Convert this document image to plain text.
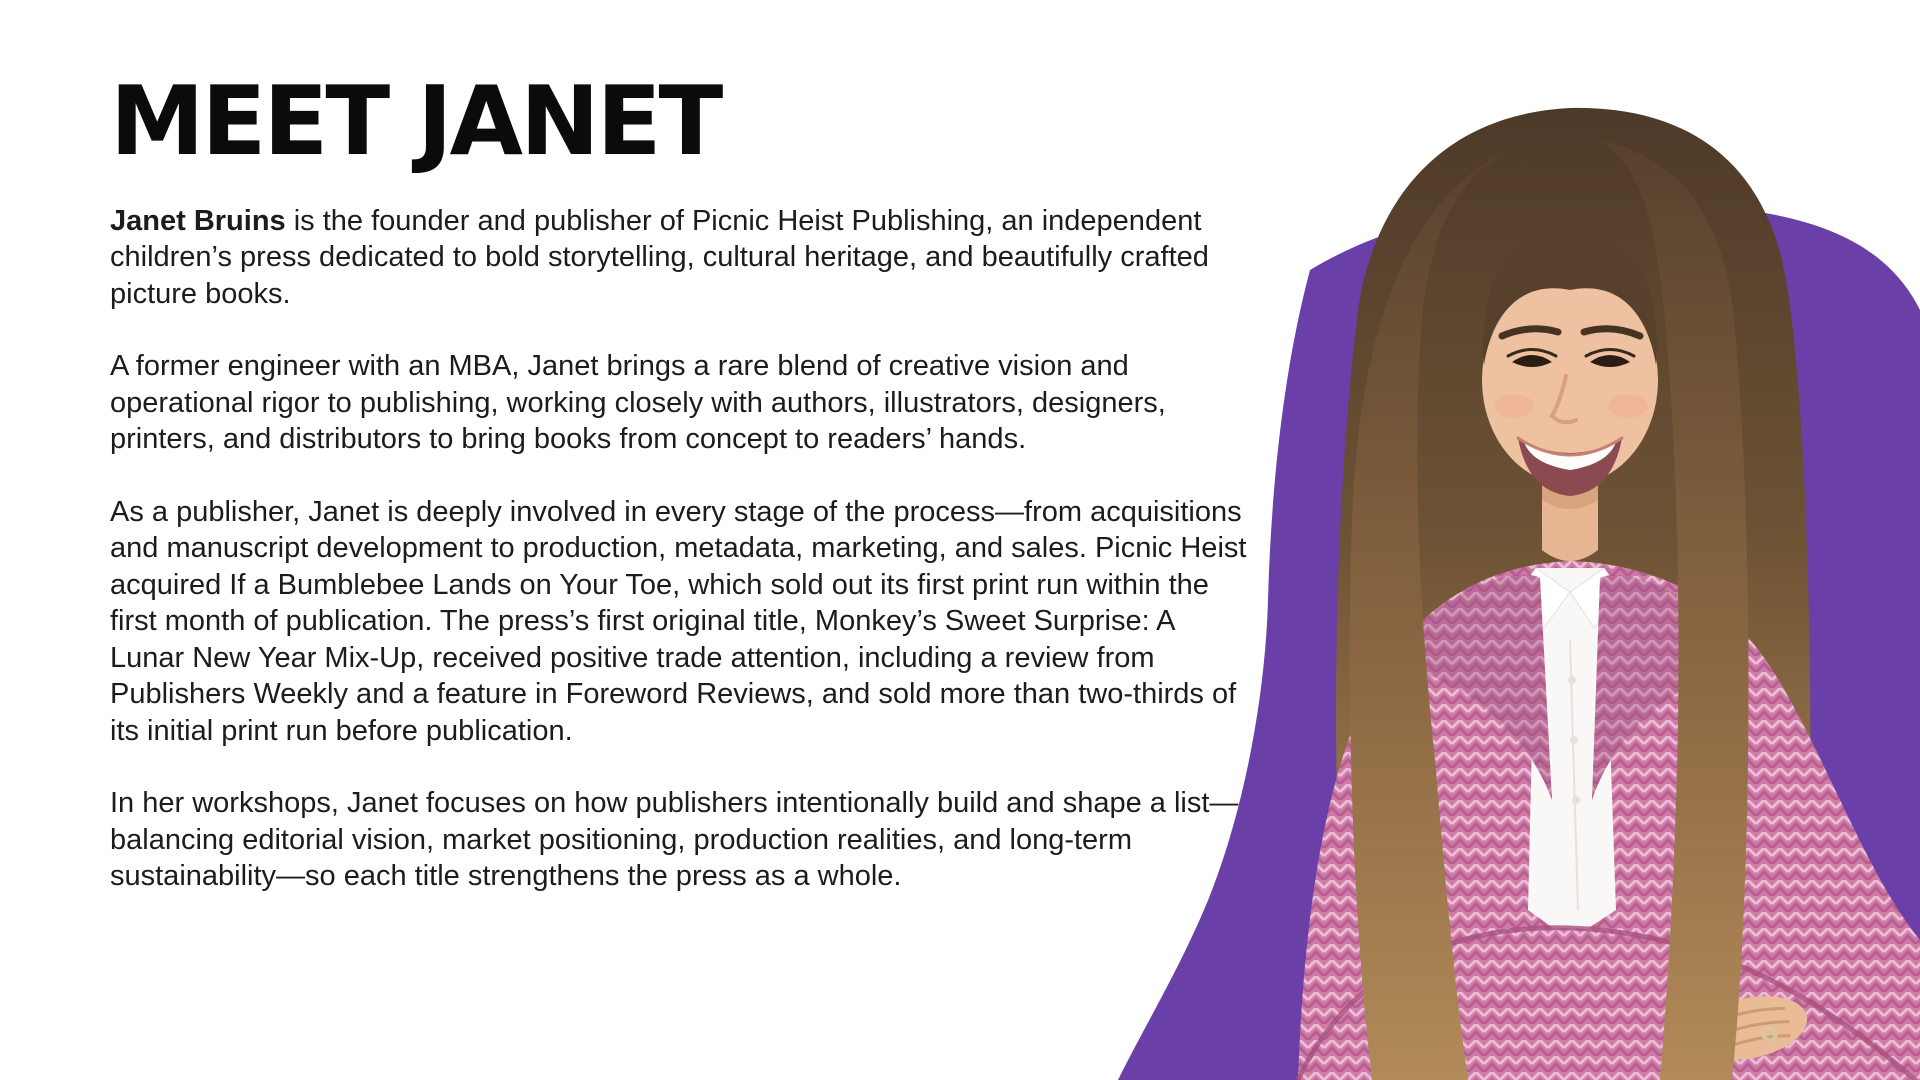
MEET JANET

Janet Bruins is the founder and publisher of Picnic Heist Publishing, an independent children’s press dedicated to bold storytelling, cultural heritage, and beautifully crafted picture books.

A former engineer with an MBA, Janet brings a rare blend of creative vision and operational rigor to publishing, working closely with authors, illustrators, designers, printers, and distributors to bring books from concept to readers’ hands.

As a publisher, Janet is deeply involved in every stage of the process—from acquisitions and manuscript development to production, metadata, marketing, and sales. Picnic Heist acquired If a Bumblebee Lands on Your Toe, which sold out its first print run within the first month of publication. The press’s first original title, Monkey’s Sweet Surprise: A Lunar New Year Mix-Up, received positive trade attention, including a review from Publishers Weekly and a feature in Foreword Reviews, and sold more than two-thirds of its initial print run before publication.

In her workshops, Janet focuses on how publishers intentionally build and shape a list—balancing editorial vision, market positioning, production realities, and long-term sustainability—so each title strengthens the press as a whole.
